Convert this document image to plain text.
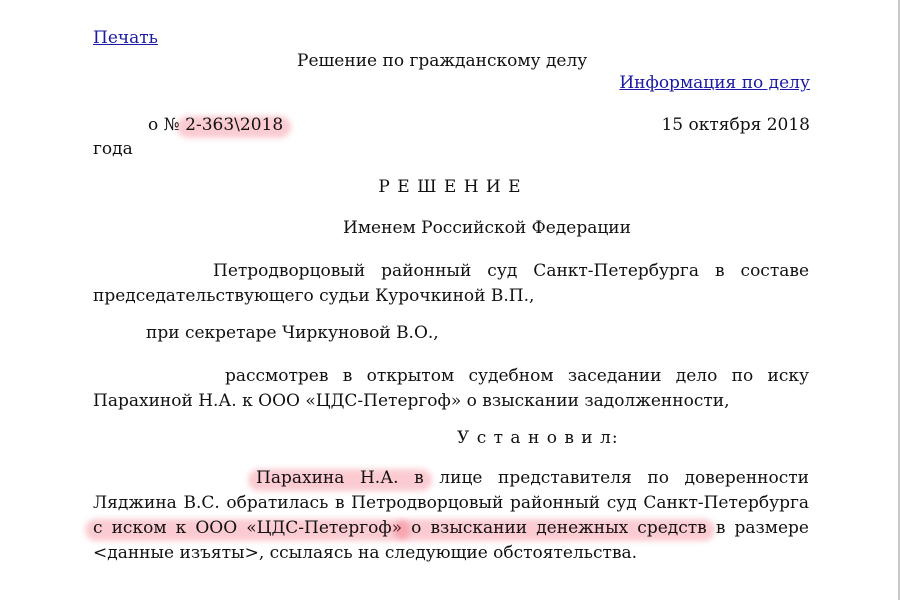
Печать
Решение по гражданскому делу
Информация по делу
о № 2-363\2018	15 октября 2018
года
Р Е Ш Е Н И Е
Именем Российской Федерации
Петродворцовый районный суд Санкт-Петербурга в составе председательствующего судьи Курочкиной В.П.,
при секретаре Чиркуновой В.О.,
рассмотрев в открытом судебном заседании дело по иску Парахиной Н.А. к ООО «ЦДС-Петергоф» о взыскании задолженности,
У с т а н о в и л:
Парахина Н.А. в лице представителя по доверенности Ляджина В.С. обратилась в Петродворцовый районный суд Санкт-Петербурга с иском к ООО «ЦДС-Петергоф» о взыскании денежных средств в размере <данные изъяты>, ссылаясь на следующие обстоятельства.
